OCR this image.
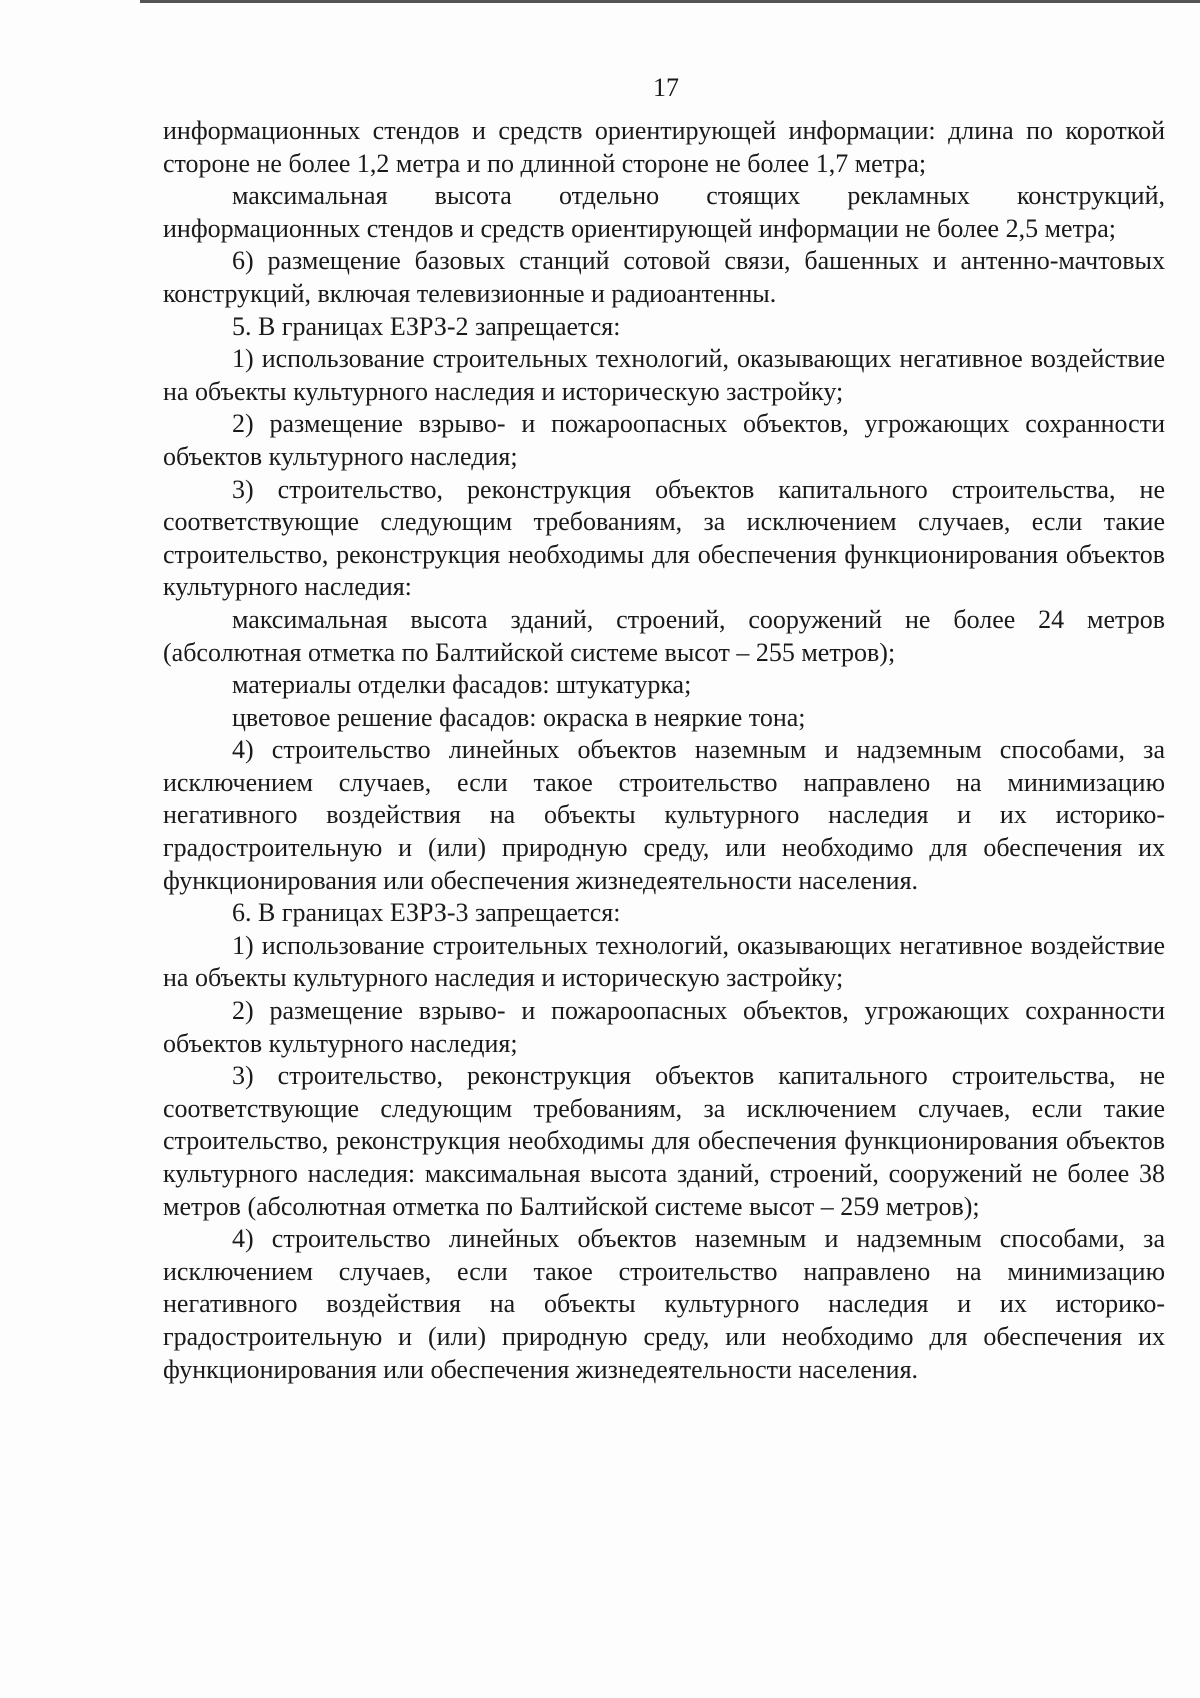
17

информационных стендов и средств ориентирующей информации: длина по короткой стороне не более 1,2 метра и по длинной стороне не более 1,7 метра;

максимальная высота отдельно стоящих рекламных конструкций, информационных стендов и средств ориентирующей информации не более 2,5 метра;

6) размещение базовых станций сотовой связи, башенных и антенно-мачтовых конструкций, включая телевизионные и радиоантенны.

5. В границах ЕЗРЗ-2 запрещается:

1) использование строительных технологий, оказывающих негативное воздействие на объекты культурного наследия и историческую застройку;

2) размещение взрыво- и пожароопасных объектов, угрожающих сохранности объектов культурного наследия;

3) строительство, реконструкция объектов капитального строительства, не соответствующие следующим требованиям, за исключением случаев, если такие строительство, реконструкция необходимы для обеспечения функционирования объектов культурного наследия:

максимальная высота зданий, строений, сооружений не более 24 метров (абсолютная отметка по Балтийской системе высот – 255 метров);

материалы отделки фасадов: штукатурка;

цветовое решение фасадов: окраска в неяркие тона;

4) строительство линейных объектов наземным и надземным способами, за исключением случаев, если такое строительство направлено на минимизацию негативного воздействия на объекты культурного наследия и их историко-градостроительную и (или) природную среду, или необходимо для обеспечения их функционирования или обеспечения жизнедеятельности населения.

6. В границах ЕЗРЗ-3 запрещается:

1) использование строительных технологий, оказывающих негативное воздействие на объекты культурного наследия и историческую застройку;

2) размещение взрыво- и пожароопасных объектов, угрожающих сохранности объектов культурного наследия;

3) строительство, реконструкция объектов капитального строительства, не соответствующие следующим требованиям, за исключением случаев, если такие строительство, реконструкция необходимы для обеспечения функционирования объектов культурного наследия: максимальная высота зданий, строений, сооружений не более 38 метров (абсолютная отметка по Балтийской системе высот – 259 метров);

4) строительство линейных объектов наземным и надземным способами, за исключением случаев, если такое строительство направлено на минимизацию негативного воздействия на объекты культурного наследия и их историко-градостроительную и (или) природную среду, или необходимо для обеспечения их функционирования или обеспечения жизнедеятельности населения.
